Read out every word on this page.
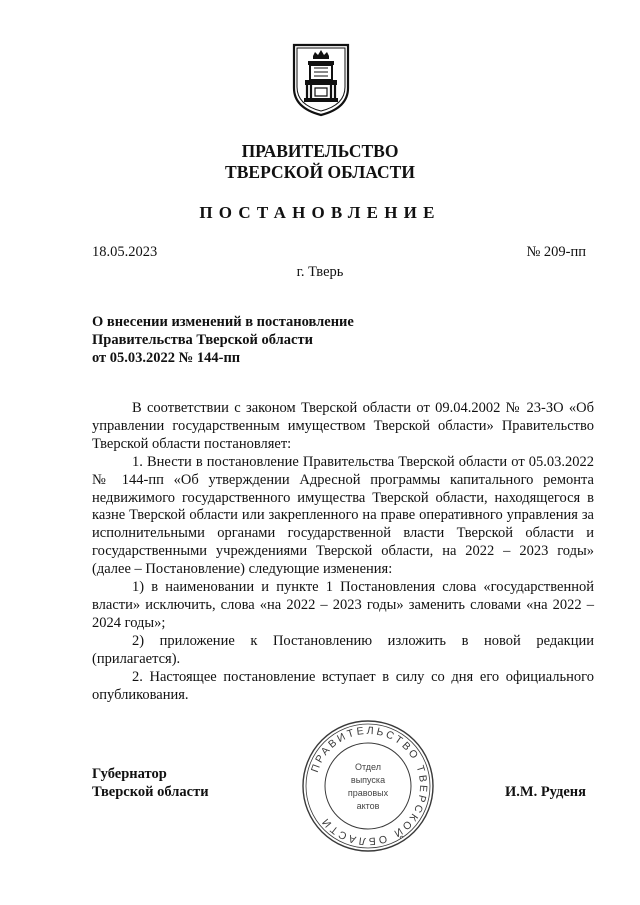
ПРАВИТЕЛЬСТВО
ТВЕРСКОЙ ОБЛАСТИ
ПОСТАНОВЛЕНИЕ
18.05.2023	№ 209-пп
г. Тверь
О внесении изменений в постановление
Правительства Тверской области
от 05.03.2022 № 144-пп

В соответствии с законом Тверской области от 09.04.2002 № 23-ЗО «Об управлении государственным имуществом Тверской области» Правительство Тверской области постановляет:

1. Внести в постановление Правительства Тверской области от 05.03.2022 № 144-пп «Об утверждении Адресной программы капитального ремонта недвижимого государственного имущества Тверской области, находящегося в казне Тверской области или закрепленного на праве оперативного управления за исполнительными органами государственной власти Тверской области и государственными учреждениями Тверской области, на 2022 – 2023 годы» (далее – Постановление) следующие изменения:

1) в наименовании и пункте 1 Постановления слова «государственной власти» исключить, слова «на 2022 – 2023 годы» заменить словами «на 2022 – 2024 годы»;

2) приложение к Постановлению изложить в новой редакции (прилагается).

2. Настоящее постановление вступает в силу со дня его официального опубликования.

ПРАВИТЕЛЬСТВО ТВЕРСКОЙ ОБЛАСТИ
Отдел
выпуска
правовых
актов
Губернатор
Тверской области	И.М. Руденя
